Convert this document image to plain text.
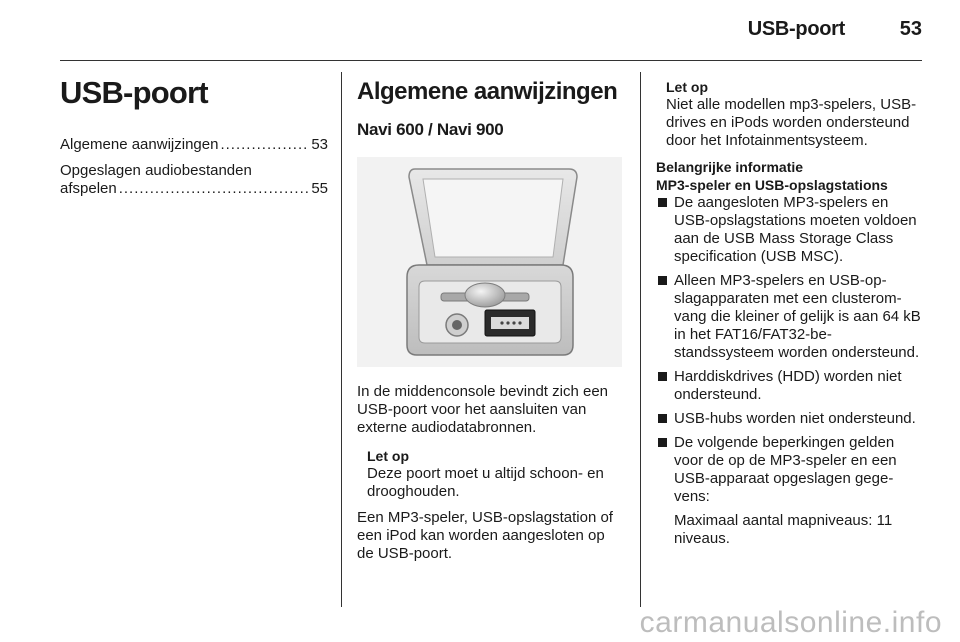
USB-poort	53
USB-poort
Algemene aanwijzingen .....	53
Opgeslagen audiobestanden
afspelen .....	55
Algemene aanwijzingen
Navi 600 / Navi 900

In de middenconsole bevindt zich een USB-poort voor het aansluiten van externe audiodatabronnen.

Let op
Deze poort moet u altijd schoon- en drooghouden.

Een MP3-speler, USB-opslagstation of een iPod kan worden aangesloten op de USB-poort.

Let op
Niet alle modellen mp3-spelers, USB-drives en iPods worden ondersteund door het Infotainmentsysteem.
Belangrijke informatie
MP3-speler en USB-opslagstations
De aangesloten MP3-spelers en USB-opslagstations moeten voldoen aan de USB Mass Storage Class specification (USB MSC).
Alleen MP3-spelers en USB-opslagapparaten met een clusteromvang die kleiner of gelijk is aan 64 kB in het FAT16/FAT32-bestandssysteem worden ondersteund.
Harddiskdrives (HDD) worden niet ondersteund.
USB-hubs worden niet ondersteund.
De volgende beperkingen gelden voor de op de MP3-speler en een USB-apparaat opgeslagen gegevens:
Maximaal aantal mapniveaus: 11 niveaus.
carmanualsonline.info
